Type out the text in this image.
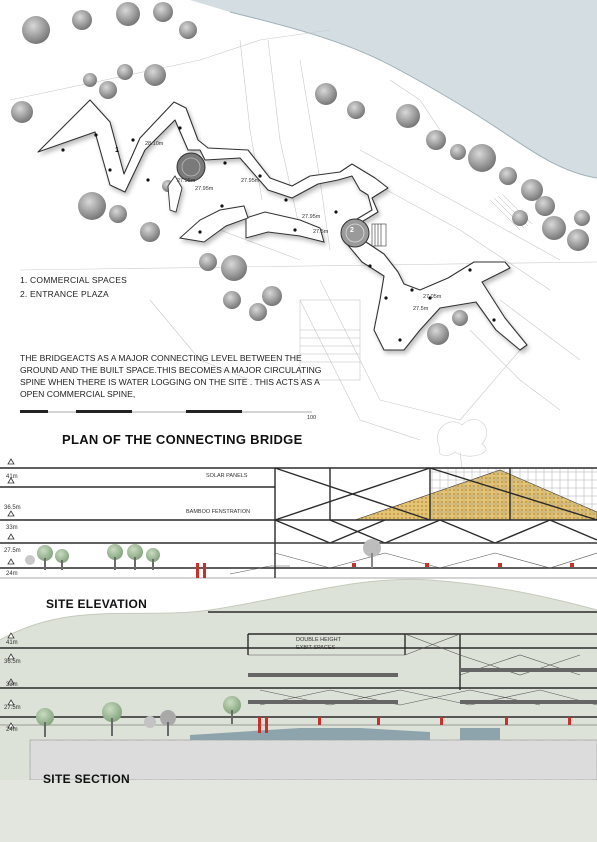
28.10m
27.95m
27.95m
27.95m
27.95m
27.5m
27.05m
27.5m
1
2
1. COMMERCIAL SPACES
2. ENTRANCE PLAZA
THE BRIDGEACTS AS A MAJOR CONNECTING LEVEL BETWEEN THE GROUND AND THE BUILT SPACE.THIS BECOMES A MAJOR CIRCULATING SPINE WHEN THERE IS WATER LOGGING ON THE SITE . THIS ACTS AS A OPEN COMMERCIAL SPINE,
100
PLAN OF THE CONNECTING BRIDGE
41m
36.5m
33m
27.5m
24m
SOLAR PANELS
BAMBOO FENSTRATION
SITE ELEVATION
41m
36.5m
33m
27.5m
24m
DOUBLE HEIGHT
EXBIT SPACES
SITE SECTION
